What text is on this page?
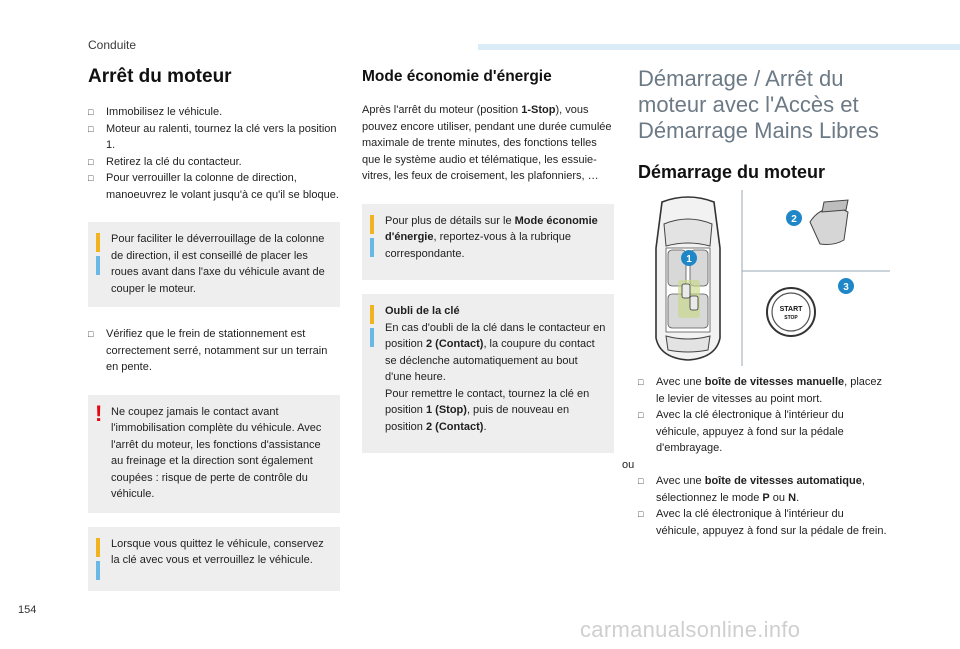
Conduite
Arrêt du moteur
□ Immobilisez le véhicule.
□ Moteur au ralenti, tournez la clé vers la position 1.
□ Retirez la clé du contacteur.
□ Pour verrouiller la colonne de direction, manoeuvrez le volant jusqu'à ce qu'il se bloque.

Pour faciliter le déverrouillage de la colonne de direction, il est conseillé de placer les roues avant dans l'axe du véhicule avant de couper le moteur.

□ Vérifiez que le frein de stationnement est correctement serré, notamment sur un terrain en pente.
! Ne coupez jamais le contact avant l'immobilisation complète du véhicule. Avec l'arrêt du moteur, les fonctions d'assistance au freinage et la direction sont également coupées : risque de perte de contrôle du véhicule.

Lorsque vous quittez le véhicule, conservez la clé avec vous et verrouillez le véhicule.

Mode économie d'énergie

Après l'arrêt du moteur (position 1-Stop), vous pouvez encore utiliser, pendant une durée cumulée maximale de trente minutes, des fonctions telles que le système audio et télématique, les essuie-vitres, les feux de croisement, les plafonniers, …

Pour plus de détails sur le Mode économie d'énergie, reportez-vous à la rubrique correspondante.

Oubli de la clé

En cas d'oubli de la clé dans le contacteur en position 2 (Contact), la coupure du contact se déclenche automatiquement au bout d'une heure.

Pour remettre le contact, tournez la clé en position 1 (Stop), puis de nouveau en position 2 (Contact).

Démarrage / Arrêt du moteur avec l'Accès et Démarrage Mains Libres
Démarrage du moteur
START
STOP
1
2
3
□ Avec une boîte de vitesses manuelle, placez le levier de vitesses au point mort.
□ Avec la clé électronique à l'intérieur du véhicule, appuyez à fond sur la pédale d'embrayage.

ou

□ Avec une boîte de vitesses automatique, sélectionnez le mode P ou N.
□ Avec la clé électronique à l'intérieur du véhicule, appuyez à fond sur la pédale de frein.
154
carmanualsonline.info
